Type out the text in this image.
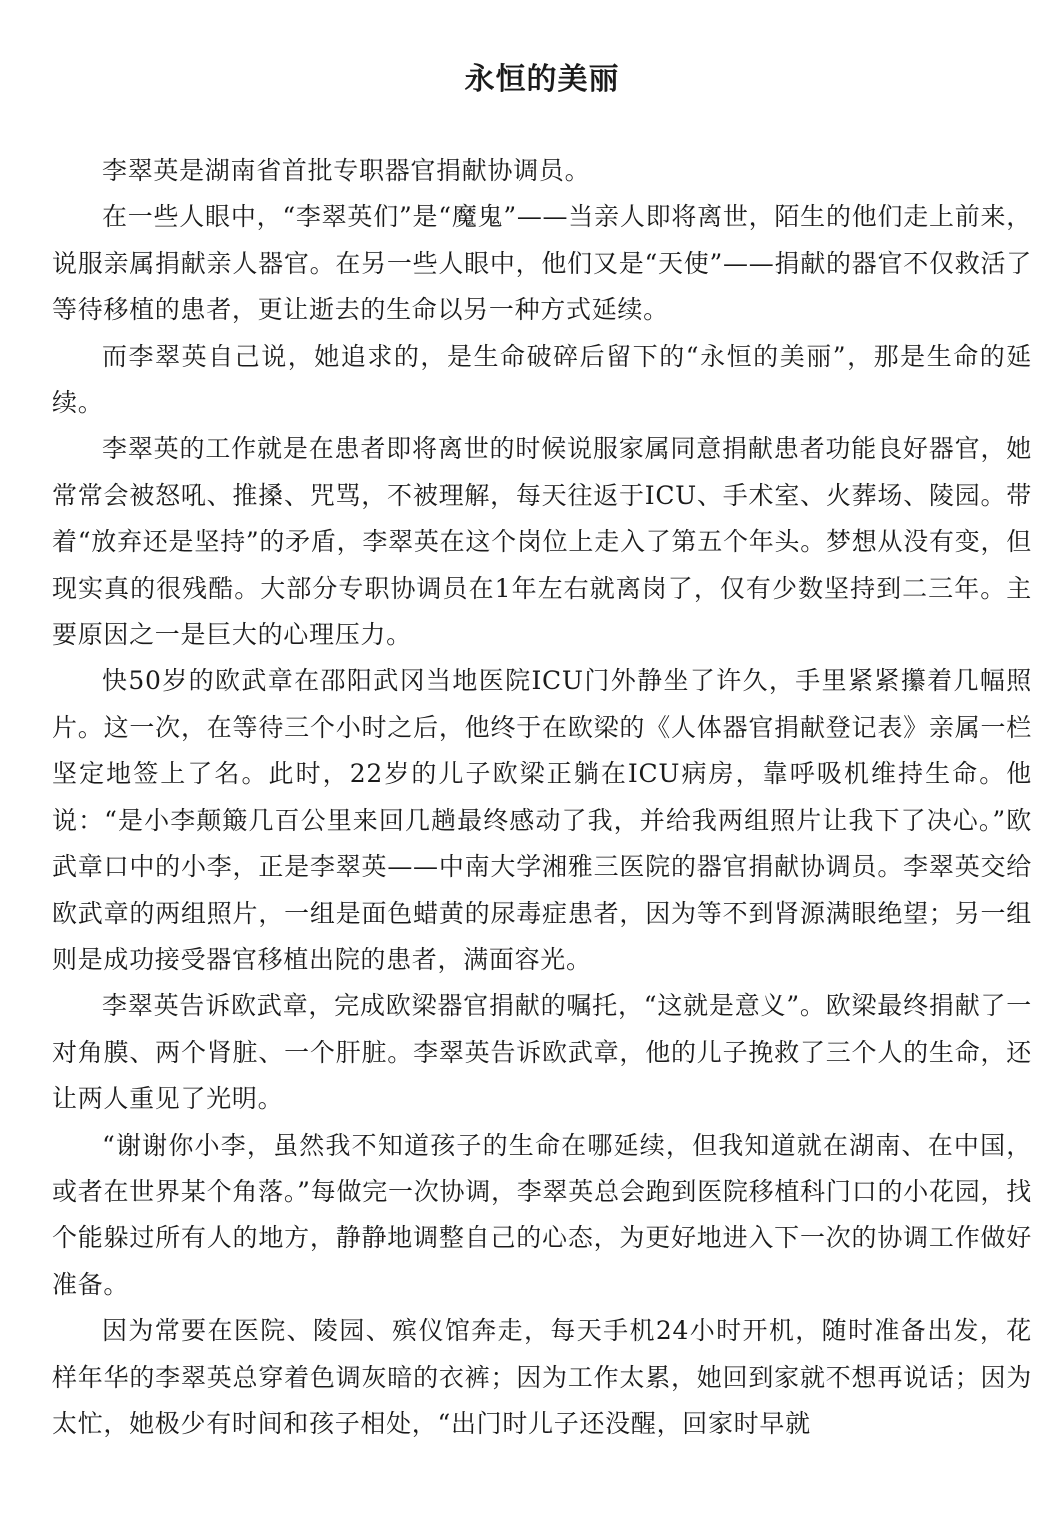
永恒的美丽

李翠英是湖南省首批专职器官捐献协调员。

在一些人眼中，“李翠英们”是“魔鬼”——当亲人即将离世，陌生的他们走上前来，说服亲属捐献亲人器官。在另一些人眼中，他们又是“天使”——捐献的器官不仅救活了等待移植的患者，更让逝去的生命以另一种方式延续。

而李翠英自己说，她追求的，是生命破碎后留下的“永恒的美丽”，那是生命的延续。

李翠英的工作就是在患者即将离世的时候说服家属同意捐献患者功能良好器官，她常常会被怒吼、推搡、咒骂，不被理解，每天往返于ICU、手术室、火葬场、陵园。带着“放弃还是坚持”的矛盾，李翠英在这个岗位上走入了第五个年头。梦想从没有变，但现实真的很残酷。大部分专职协调员在1年左右就离岗了，仅有少数坚持到二三年。主要原因之一是巨大的心理压力。

快50岁的欧武章在邵阳武冈当地医院ICU门外静坐了许久，手里紧紧攥着几幅照片。这一次，在等待三个小时之后，他终于在欧梁的《人体器官捐献登记表》亲属一栏坚定地签上了名。此时，22岁的儿子欧梁正躺在ICU病房，靠呼吸机维持生命。他说：“是小李颠簸几百公里来回几趟最终感动了我，并给我两组照片让我下了决心。”欧武章口中的小李，正是李翠英——中南大学湘雅三医院的器官捐献协调员。李翠英交给欧武章的两组照片，一组是面色蜡黄的尿毒症患者，因为等不到肾源满眼绝望；另一组则是成功接受器官移植出院的患者，满面容光。

李翠英告诉欧武章，完成欧梁器官捐献的嘱托，“这就是意义”。欧梁最终捐献了一对角膜、两个肾脏、一个肝脏。李翠英告诉欧武章，他的儿子挽救了三个人的生命，还让两人重见了光明。

“谢谢你小李，虽然我不知道孩子的生命在哪延续，但我知道就在湖南、在中国，或者在世界某个角落。”每做完一次协调，李翠英总会跑到医院移植科门口的小花园，找个能躲过所有人的地方，静静地调整自己的心态，为更好地进入下一次的协调工作做好准备。

因为常要在医院、陵园、殡仪馆奔走，每天手机24小时开机，随时准备出发，花样年华的李翠英总穿着色调灰暗的衣裤；因为工作太累，她回到家就不想再说话；因为太忙，她极少有时间和孩子相处，“出门时儿子还没醒，回家时早就
